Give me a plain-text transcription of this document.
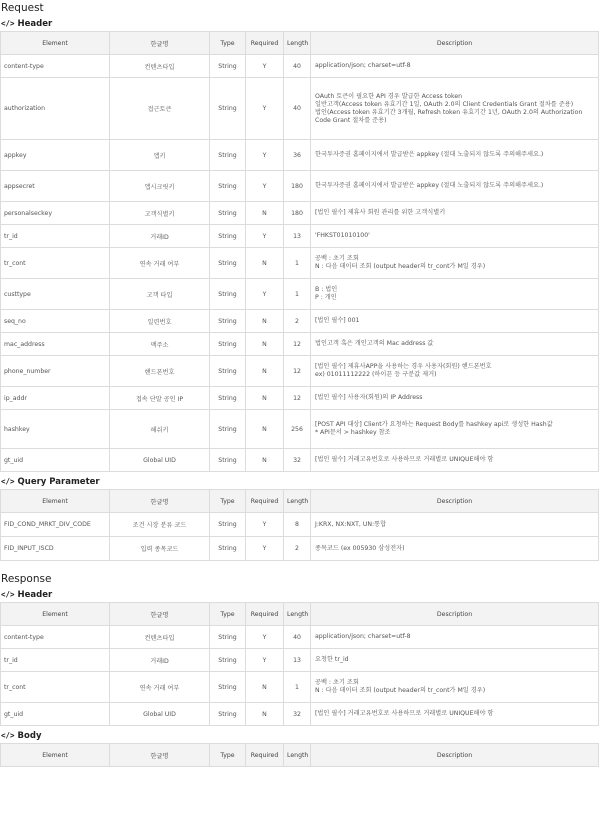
Request
</> Header
Element	한글명	Type	Required	Length	Description
content-type	컨텐츠타입	String	Y	40	application/json; charset=utf-8
authorization	접근토큰	String	Y	40	OAuth 토큰이 필요한 API 경우 발급한 Access token
일반고객(Access token 유효기간 1일, OAuth 2.0의 Client Credentials Grant 절차를 준용)
법인(Access token 유효기간 3개월, Refresh token 유효기간 1년, OAuth 2.0의 Authorization Code Grant 절차를 준용)
appkey	앱키	String	Y	36	한국투자증권 홈페이지에서 발급받은 appkey (절대 노출되지 않도록 주의해주세요.)
appsecret	앱시크릿키	String	Y	180	한국투자증권 홈페이지에서 발급받은 appkey (절대 노출되지 않도록 주의해주세요.)
personalseckey	고객식별키	String	N	180	[법인 필수] 제휴사 회원 관리를 위한 고객식별키
tr_id	거래ID	String	Y	13	'FHKST01010100'
tr_cont	연속 거래 여부	String	N	1	공백 : 초기 조회
N : 다음 데이터 조회 (output header의 tr_cont가 M일 경우)
custtype	고객 타입	String	Y	1	B : 법인
P : 개인
seq_no	일련번호	String	N	2	[법인 필수] 001
mac_address	맥주소	String	N	12	법인고객 혹은 개인고객의 Mac address 값
phone_number	핸드폰번호	String	N	12	[법인 필수] 제휴사APP을 사용하는 경우 사용자(회원) 핸드폰번호
ex) 01011112222 (하이픈 등 구분값 제거)
ip_addr	접속 단말 공인 IP	String	N	12	[법인 필수] 사용자(회원)의 IP Address
hashkey	해쉬키	String	N	256	[POST API 대상] Client가 요청하는 Request Body를 hashkey api로 생성한 Hash값
* API문서 > hashkey 참조
gt_uid	Global UID	String	N	32	[법인 필수] 거래고유번호로 사용하므로 거래별로 UNIQUE해야 함
</> Query Parameter
Element	한글명	Type	Required	Length	Description
FID_COND_MRKT_DIV_CODE	조건 시장 분류 코드	String	Y	8	J:KRX, NX:NXT, UN:통합
FID_INPUT_ISCD	입력 종목코드	String	Y	2	종목코드 (ex 005930 삼성전자)
Response
</> Header
Element	한글명	Type	Required	Length	Description
content-type	컨텐츠타입	String	Y	40	application/json; charset=utf-8
tr_id	거래ID	String	Y	13	요청한 tr_id
tr_cont	연속 거래 여부	String	N	1	공백 : 초기 조회
N : 다음 데이터 조회 (output header의 tr_cont가 M일 경우)
gt_uid	Global UID	String	N	32	[법인 필수] 거래고유번호로 사용하므로 거래별로 UNIQUE해야 함
</> Body
Element	한글명	Type	Required	Length	Description
